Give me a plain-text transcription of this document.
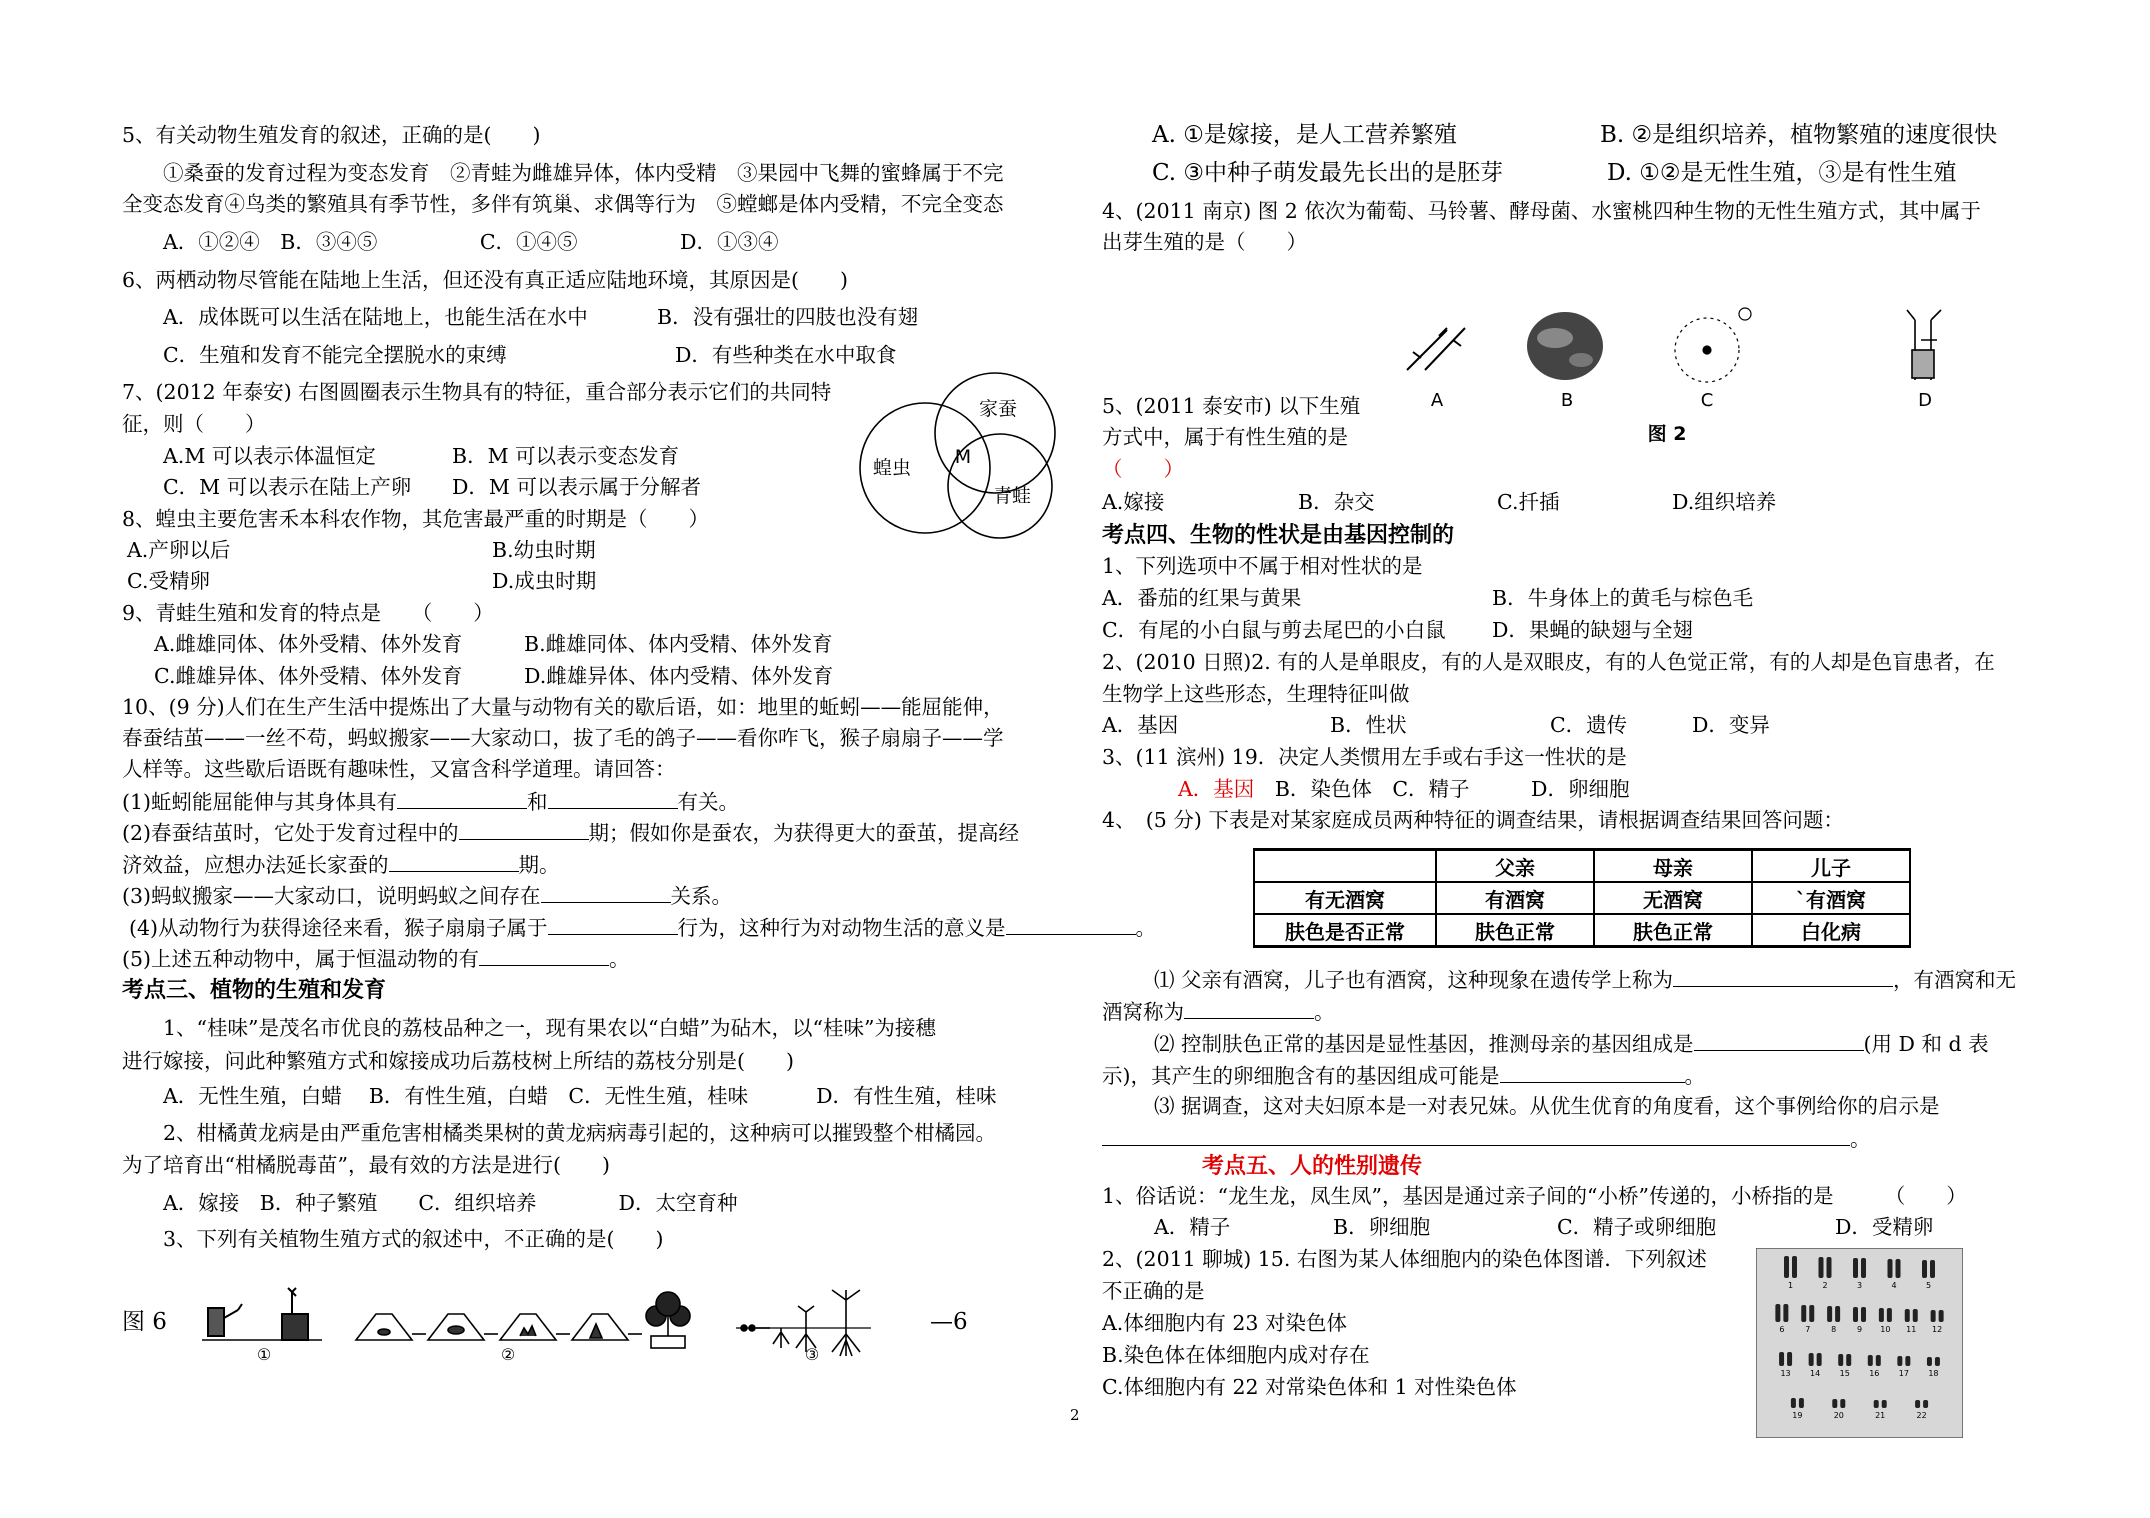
5、有关动物生殖发育的叙述，正确的是(　　)
①桑蚕的发育过程为变态发育　②青蛙为雌雄异体，体内受精　③果园中飞舞的蜜蜂属于不完
全变态发育④鸟类的繁殖具有季节性，多伴有筑巢、求偶等行为　⑤螳螂是体内受精，不完全变态
A．①②④　B．③④⑤　　　　　C．①④⑤　　　　　D．①③④
6、两栖动物尽管能在陆地上生活，但还没有真正适应陆地环境，其原因是(　　)
A．成体既可以生活在陆地上，也能生活在水中	B．没有强壮的四肢也没有翅
C．生殖和发育不能完全摆脱水的束缚	D．有些种类在水中取食
7、(2012 年泰安) 右图圆圈表示生物具有的特征，重合部分表示它们的共同特
征，则（　　）
A.M 可以表示体温恒定	B．M 可以表示变态发育
C．M 可以表示在陆上产卵 D．M 可以表示属于分解者
家蚕
蝗虫
青蛙
M
8、蝗虫主要危害禾本科农作物，其危害最严重的时期是（　　）
A.产卵以后	B.幼虫时期
C.受精卵	D.成虫时期
9、青蛙生殖和发育的特点是　　（　　）
A.雌雄同体、体外受精、体外发育	B.雌雄同体、体内受精、体外发育
C.雌雄异体、体外受精、体外发育	D.雌雄异体、体内受精、体外发育
10、(9 分)人们在生产生活中提炼出了大量与动物有关的歇后语，如：地里的蚯蚓——能屈能伸，
春蚕结茧——一丝不苟，蚂蚁搬家——大家动口，拔了毛的鸽子——看你咋飞，猴子扇扇子——学
人样等。这些歇后语既有趣味性，又富含科学道理。请回答：
(1)蚯蚓能屈能伸与其身体具有	和	有关。
(2)春蚕结茧时，它处于发育过程中的	期；假如你是蚕农，为获得更大的蚕茧，提高经
济效益，应想办法延长家蚕的	期。
(3)蚂蚁搬家——大家动口，说明蚂蚁之间存在	关系。
(4)从动物行为获得途径来看，猴子扇扇子属于	行为，这种行为对动物生活的意义是	。
(5)上述五种动物中，属于恒温动物的有	。
考点三、植物的生殖和发育
1、“桂味”是茂名市优良的荔枝品种之一，现有果农以“白蜡”为砧木，以“桂味”为接穗
进行嫁接，问此种繁殖方式和嫁接成功后荔枝树上所结的荔枝分别是(　　)
A．无性生殖，白蜡　 B．有性生殖，白蜡　C．无性生殖，桂味　　 　D．有性生殖，桂味
2、柑橘黄龙病是由严重危害柑橘类果树的黄龙病病毒引起的，这种病可以摧毁整个柑橘园。
为了培育出“柑橘脱毒苗”，最有效的方法是进行(　　)
A．嫁接　B．种子繁殖　　C．组织培养　　　　D．太空育种
3、下列有关植物生殖方式的叙述中，不正确的是(　　)
图 6
①	②	③
—6
A. ①是嫁接，是人工营养繁殖	B. ②是组织培养，植物繁殖的速度很快
C. ③中种子萌发最先长出的是胚芽	D. ①②是无性生殖，③是有性生殖
4、(2011 南京) 图 2 依次为葡萄、马铃薯、酵母菌、水蜜桃四种生物的无性生殖方式，其中属于
出芽生殖的是（　　）
A	B	C	D
图 2
5、(2011 泰安市) 以下生殖
方式中，属于有性生殖的是
（　　）
A.嫁接	B．杂交	C.扦插	D.组织培养
考点四、生物的性状是由基因控制的
1、下列选项中不属于相对性状的是
A．番茄的红果与黄果	B．牛身体上的黄毛与棕色毛
C．有尾的小白鼠与剪去尾巴的小白鼠 D．果蝇的缺翅与全翅
2、(2010 日照)2. 有的人是单眼皮，有的人是双眼皮，有的人色觉正常，有的人却是色盲患者，在
生物学上这些形态，生理特征叫做
A．基因	B．性状	C．遗传	D．变异
3、(11 滨州) 19．决定人类惯用左手或右手这一性状的是
A．基因　 B．染色体　C．精子　　　D．卵细胞
4、　(5 分) 下表是对某家庭成员两种特征的调查结果，请根据调查结果回答问题：
	父亲	母亲	儿子
有无酒窝	有酒窝	无酒窝	`有酒窝
肤色是否正常	肤色正常	肤色正常	白化病
⑴ 父亲有酒窝，儿子也有酒窝，这种现象在遗传学上称为	，有酒窝和无
酒窝称为	。
⑵ 控制肤色正常的基因是显性基因，推测母亲的基因组成是	(用 D 和 d 表
示)，其产生的卵细胞含有的基因组成可能是	。
⑶ 据调查，这对夫妇原本是一对表兄妹。从优生优育的角度看，这个事例给你的启示是
。
考点五、人的性别遗传
1、俗话说：“龙生龙，凤生凤”，基因是通过亲子间的“小桥”传递的，小桥指的是　　　（　　）
A．精子	B．卵细胞	C．精子或卵细胞	D．受精卵
2、(2011 聊城) 15. 右图为某人体细胞内的染色体图谱．下列叙述
不正确的是
A.体细胞内有 23 对染色体
B.染色体在体细胞内成对存在
C.体细胞内有 22 对常染色体和 1 对性染色体
1	2	3	4	5
6	7	8	9 10 11 12
13 14 15 16 17 18
19	20	21	22
2
